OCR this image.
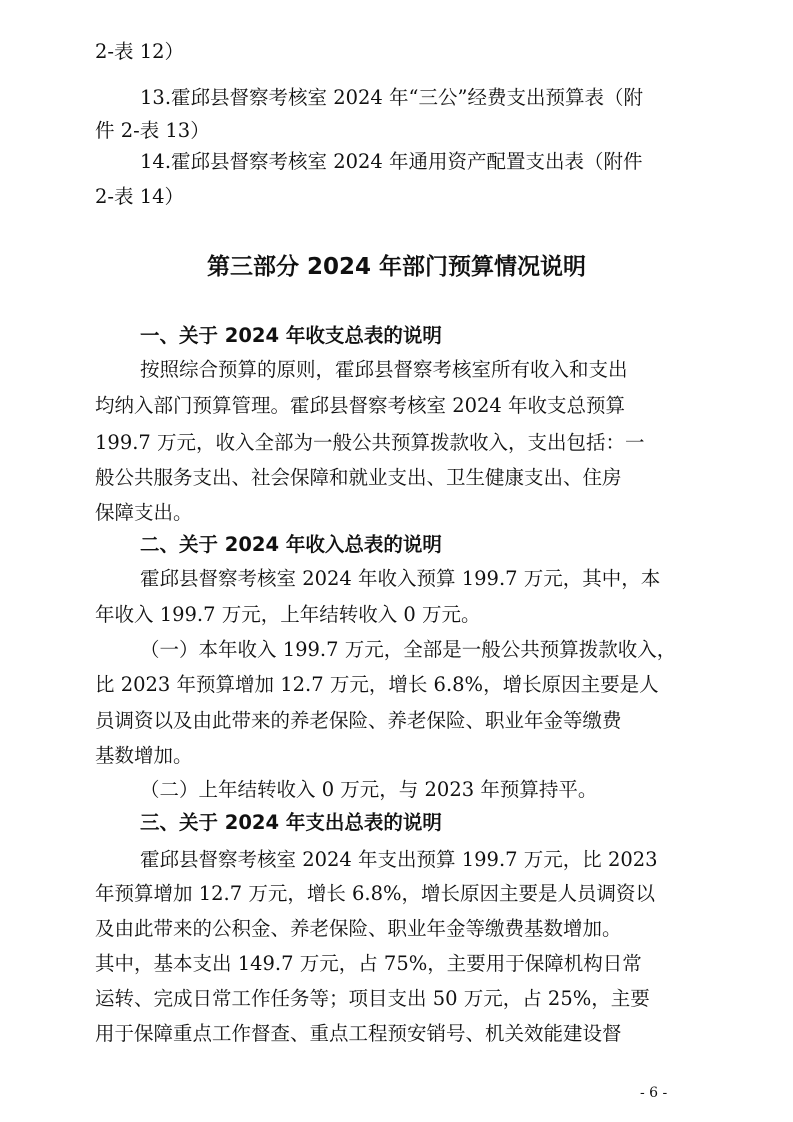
2-表 12）
13.霍邱县督察考核室 2024 年“三公”经费支出预算表（附
件 2-表 13）
14.霍邱县督察考核室 2024 年通用资产配置支出表（附件
2-表 14）
第三部分 2024 年部门预算情况说明
一、关于 2024 年收支总表的说明
按照综合预算的原则，霍邱县督察考核室所有收入和支出
均纳入部门预算管理。霍邱县督察考核室 2024 年收支总预算
199.7 万元，收入全部为一般公共预算拨款收入，支出包括：一
般公共服务支出、社会保障和就业支出、卫生健康支出、住房
保障支出。
二、关于 2024 年收入总表的说明
霍邱县督察考核室 2024 年收入预算 199.7 万元，其中，本
年收入 199.7 万元，上年结转收入 0 万元。
（一）本年收入 199.7 万元，全部是一般公共预算拨款收入，
比 2023 年预算增加 12.7 万元，增长 6.8%，增长原因主要是人
员调资以及由此带来的养老保险、养老保险、职业年金等缴费
基数增加。
（二）上年结转收入 0 万元，与 2023 年预算持平。
三、关于 2024 年支出总表的说明
霍邱县督察考核室 2024 年支出预算 199.7 万元，比 2023
年预算增加 12.7 万元，增长 6.8%，增长原因主要是人员调资以
及由此带来的公积金、养老保险、职业年金等缴费基数增加。
其中，基本支出 149.7 万元，占 75%，主要用于保障机构日常
运转、完成日常工作任务等；项目支出 50 万元，占 25%，主要
用于保障重点工作督查、重点工程预安销号、机关效能建设督
- 6 -
